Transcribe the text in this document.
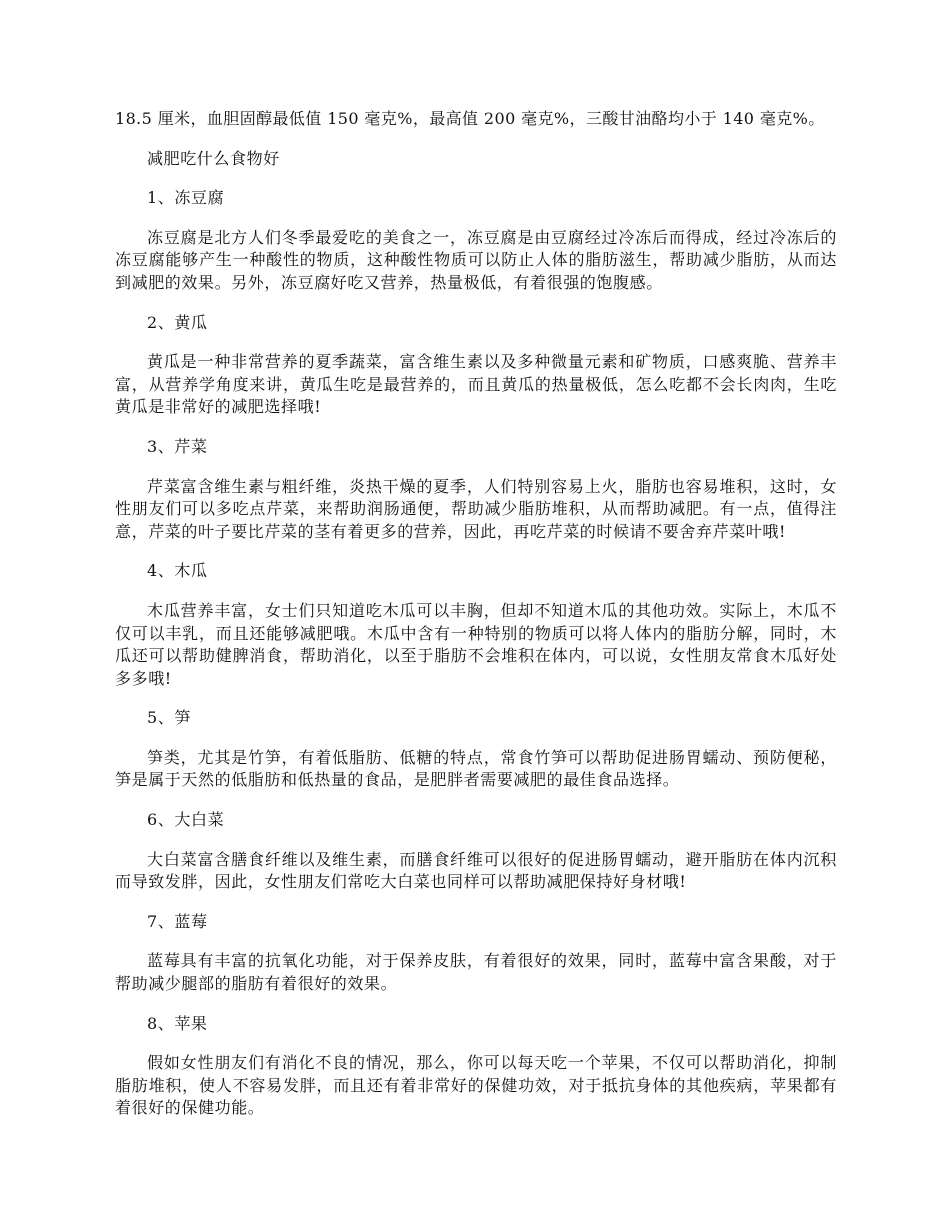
18.5 厘米，血胆固醇最低值 150 毫克%，最高值 200 毫克%，三酸甘油酪均小于 140 毫克%。

减肥吃什么食物好

1、冻豆腐

冻豆腐是北方人们冬季最爱吃的美食之一，冻豆腐是由豆腐经过冷冻后而得成，经过冷冻后的冻豆腐能够产生一种酸性的物质，这种酸性物质可以防止人体的脂肪滋生，帮助减少脂肪，从而达到减肥的效果。另外，冻豆腐好吃又营养，热量极低，有着很强的饱腹感。

2、黄瓜

黄瓜是一种非常营养的夏季蔬菜，富含维生素以及多种微量元素和矿物质，口感爽脆、营养丰富，从营养学角度来讲，黄瓜生吃是最营养的，而且黄瓜的热量极低，怎么吃都不会长肉肉，生吃黄瓜是非常好的减肥选择哦!

3、芹菜

芹菜富含维生素与粗纤维，炎热干燥的夏季，人们特别容易上火，脂肪也容易堆积，这时，女性朋友们可以多吃点芹菜，来帮助润肠通便，帮助减少脂肪堆积，从而帮助减肥。有一点，值得注意，芹菜的叶子要比芹菜的茎有着更多的营养，因此，再吃芹菜的时候请不要舍弃芹菜叶哦!

4、木瓜

木瓜营养丰富，女士们只知道吃木瓜可以丰胸，但却不知道木瓜的其他功效。实际上，木瓜不仅可以丰乳，而且还能够减肥哦。木瓜中含有一种特别的物质可以将人体内的脂肪分解，同时，木瓜还可以帮助健脾消食，帮助消化，以至于脂肪不会堆积在体内，可以说，女性朋友常食木瓜好处多多哦!

5、笋

笋类，尤其是竹笋，有着低脂肪、低糖的特点，常食竹笋可以帮助促进肠胃蠕动、预防便秘，笋是属于天然的低脂肪和低热量的食品，是肥胖者需要减肥的最佳食品选择。

6、大白菜

大白菜富含膳食纤维以及维生素，而膳食纤维可以很好的促进肠胃蠕动，避开脂肪在体内沉积而导致发胖，因此，女性朋友们常吃大白菜也同样可以帮助减肥保持好身材哦!

7、蓝莓

蓝莓具有丰富的抗氧化功能，对于保养皮肤，有着很好的效果，同时，蓝莓中富含果酸，对于帮助减少腿部的脂肪有着很好的效果。

8、苹果

假如女性朋友们有消化不良的情况，那么，你可以每天吃一个苹果，不仅可以帮助消化，抑制脂肪堆积，使人不容易发胖，而且还有着非常好的保健功效，对于抵抗身体的其他疾病，苹果都有着很好的保健功能。
